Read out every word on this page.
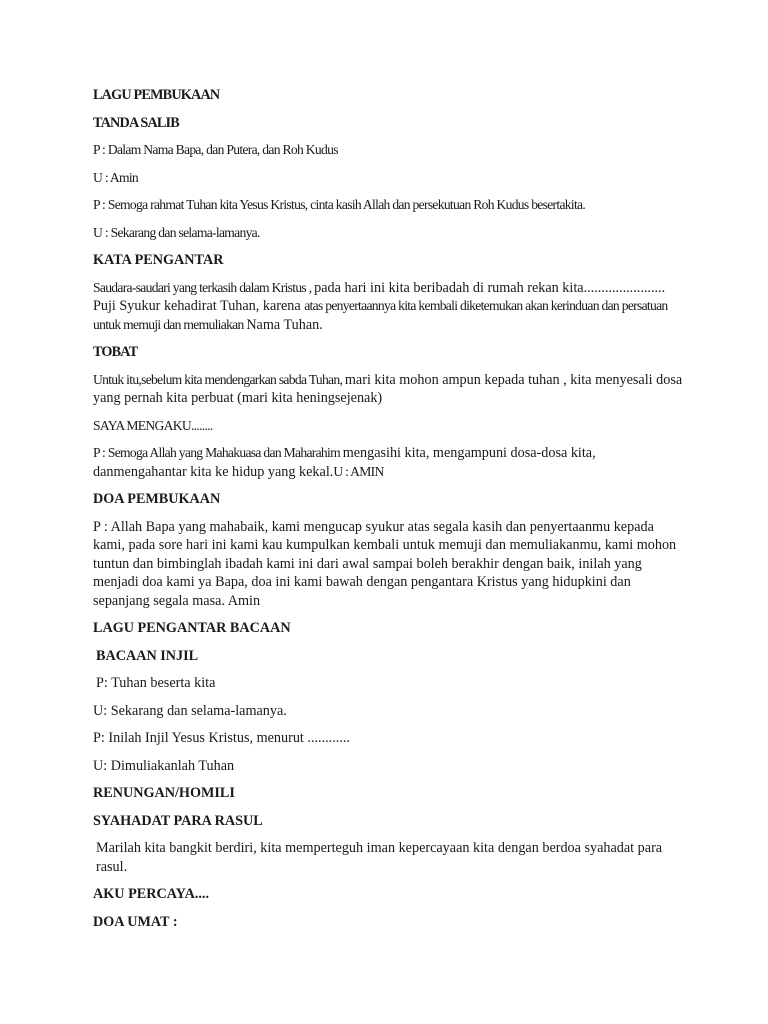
LAGU PEMBUKAAN

TANDA SALIB

P : Dalam Nama Bapa, dan Putera, dan Roh Kudus

U : Amin

P : Semoga rahmat Tuhan kita Yesus Kristus, cinta kasih Allah dan persekutuan Roh Kudus besertakita.

U : Sekarang dan selama-lamanya.

KATA PENGANTAR

Saudara-saudari yang terkasih dalam Kristus , pada hari ini kita beribadah di rumah rekan kita....................... Puji Syukur kehadirat Tuhan, karena atas penyertaannya kita kembali diketemukan akan kerinduan dan persatuan untuk memuji dan memuliakan Nama Tuhan.

TOBAT

Untuk itu,sebelum kita mendengarkan sabda Tuhan, mari kita mohon ampun kepada tuhan , kita menyesali dosa yang pernah kita perbuat (mari kita heningsejenak)

SAYA MENGAKU........

P : Semoga Allah yang Mahakuasa dan Maharahim mengasihi kita, mengampuni dosa-dosa kita, danmengahantar kita ke hidup yang kekal.U : AMIN

DOA PEMBUKAAN

P : Allah Bapa yang mahabaik, kami mengucap syukur atas segala kasih dan penyertaanmu kepada kami, pada sore hari ini kami kau kumpulkan kembali untuk memuji dan memuliakanmu, kami mohon tuntun dan bimbinglah ibadah kami ini dari awal sampai boleh berakhir dengan baik, inilah yang menjadi doa kami ya Bapa, doa ini kami bawah dengan pengantara Kristus yang hidupkini dan sepanjang segala masa. Amin

LAGU PENGANTAR BACAAN

BACAAN INJIL

P: Tuhan beserta kita

U: Sekarang dan selama-lamanya.

P: Inilah Injil Yesus Kristus, menurut ............

U: Dimuliakanlah Tuhan

RENUNGAN/HOMILI

SYAHADAT PARA RASUL

Marilah kita bangkit berdiri, kita memperteguh iman kepercayaan kita dengan berdoa syahadat para rasul.

AKU PERCAYA....

DOA UMAT :
